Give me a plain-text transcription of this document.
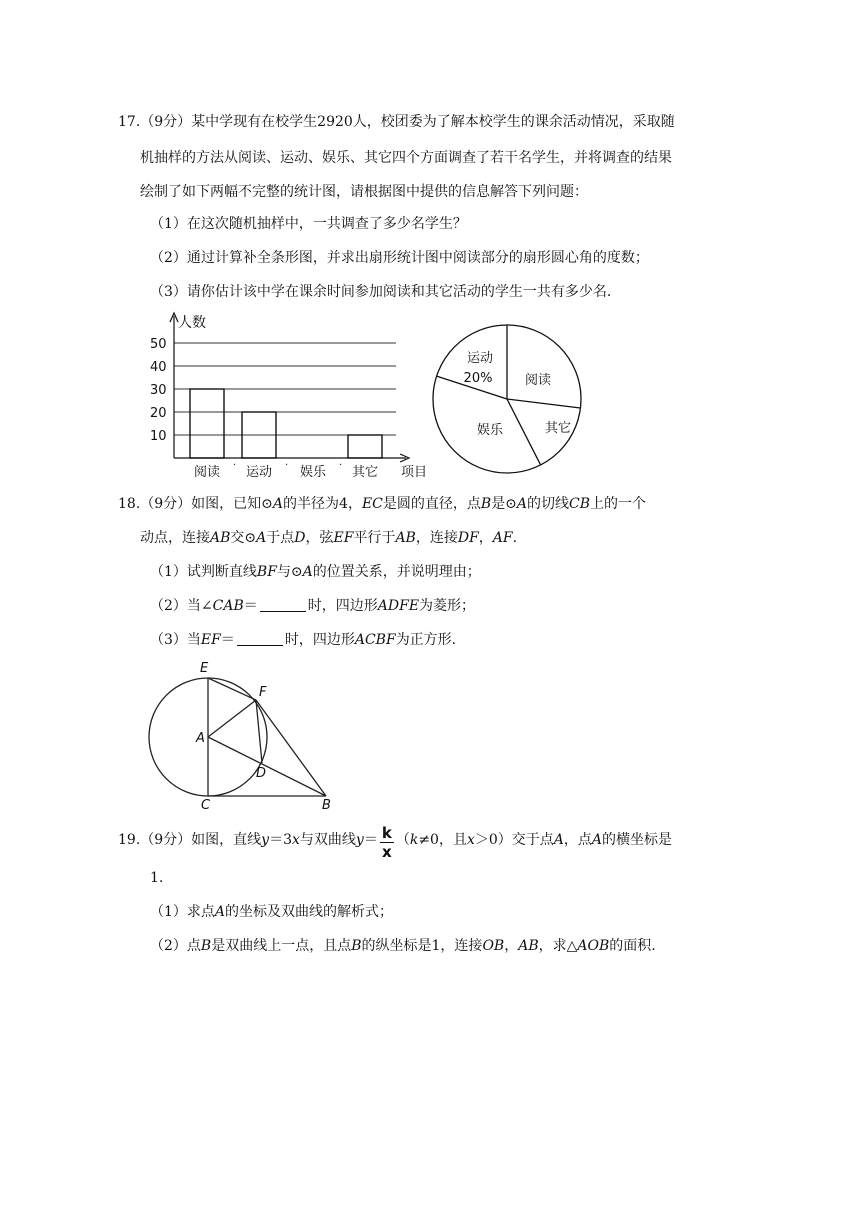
17.（9分）某中学现有在校学生2920人，校团委为了解本校学生的课余活动情况，采取随
机抽样的方法从阅读、运动、娱乐、其它四个方面调查了若干名学生，并将调查的结果
绘制了如下两幅不完整的统计图，请根据图中提供的信息解答下列问题：
（1）在这次随机抽样中，一共调查了多少名学生？
（2）通过计算补全条形图，并求出扇形统计图中阅读部分的扇形圆心角的度数；
（3）请你估计该中学在课余时间参加阅读和其它活动的学生一共有多少名.
10
20
30
40
50
人数
项目
阅读 · 运动 · 娱乐 · 其它
运动
阅读
其它
娱乐
20%
18.（9分）如图，已知⊙A的半径为4，EC是圆的直径，点B是⊙A的切线CB上的一个
动点，连接AB交⊙A于点D，弦EF平行于AB，连接DF，AF.
（1）试判断直线BF与⊙A的位置关系，并说明理由；
（2）当∠CAB＝	时，四边形ADFE为菱形；
（3）当EF＝	时，四边形ACBF为正方形.
E
F
A
D
C	B
19.（9分）如图，直线y＝3x与双曲线$y= \frac{k}{x} (k\ne 0$，且x＞0）交于点A，点A的横坐标是
1.
（1）求点A的坐标及双曲线的解析式；
（2）点B是双曲线上一点，且点B的纵坐标是1，连接OB，AB，求△AOB的面积.
